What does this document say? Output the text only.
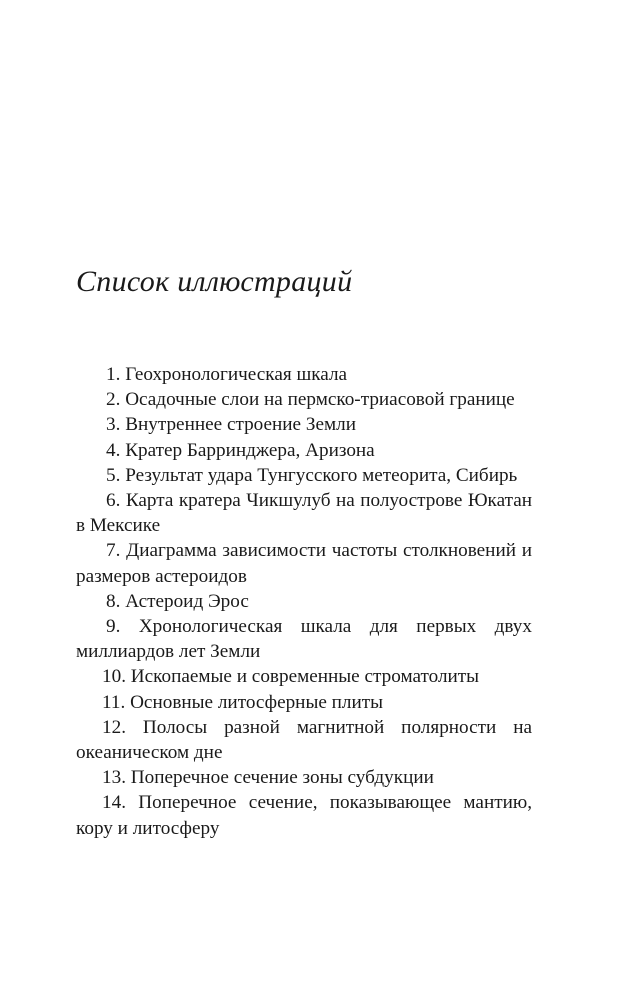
Список иллюстраций
1. Геохронологическая шкала
2. Осадочные слои на пермско-триасовой границе
3. Внутреннее строение Земли
4. Кратер Барринджера, Аризона
5. Результат удара Тунгусского метеорита, Сибирь
6. Карта кратера Чикшулуб на полуострове Юкатан в Мексике
7. Диаграмма зависимости частоты столкновений и размеров астероидов
8. Астероид Эрос
9. Хронологическая шкала для первых двух миллиардов лет Земли
10. Ископаемые и современные строматолиты
11. Основные литосферные плиты
12. Полосы разной магнитной полярности на океаническом дне
13. Поперечное сечение зоны субдукции
14. Поперечное сечение, показывающее мантию, кору и литосферу
